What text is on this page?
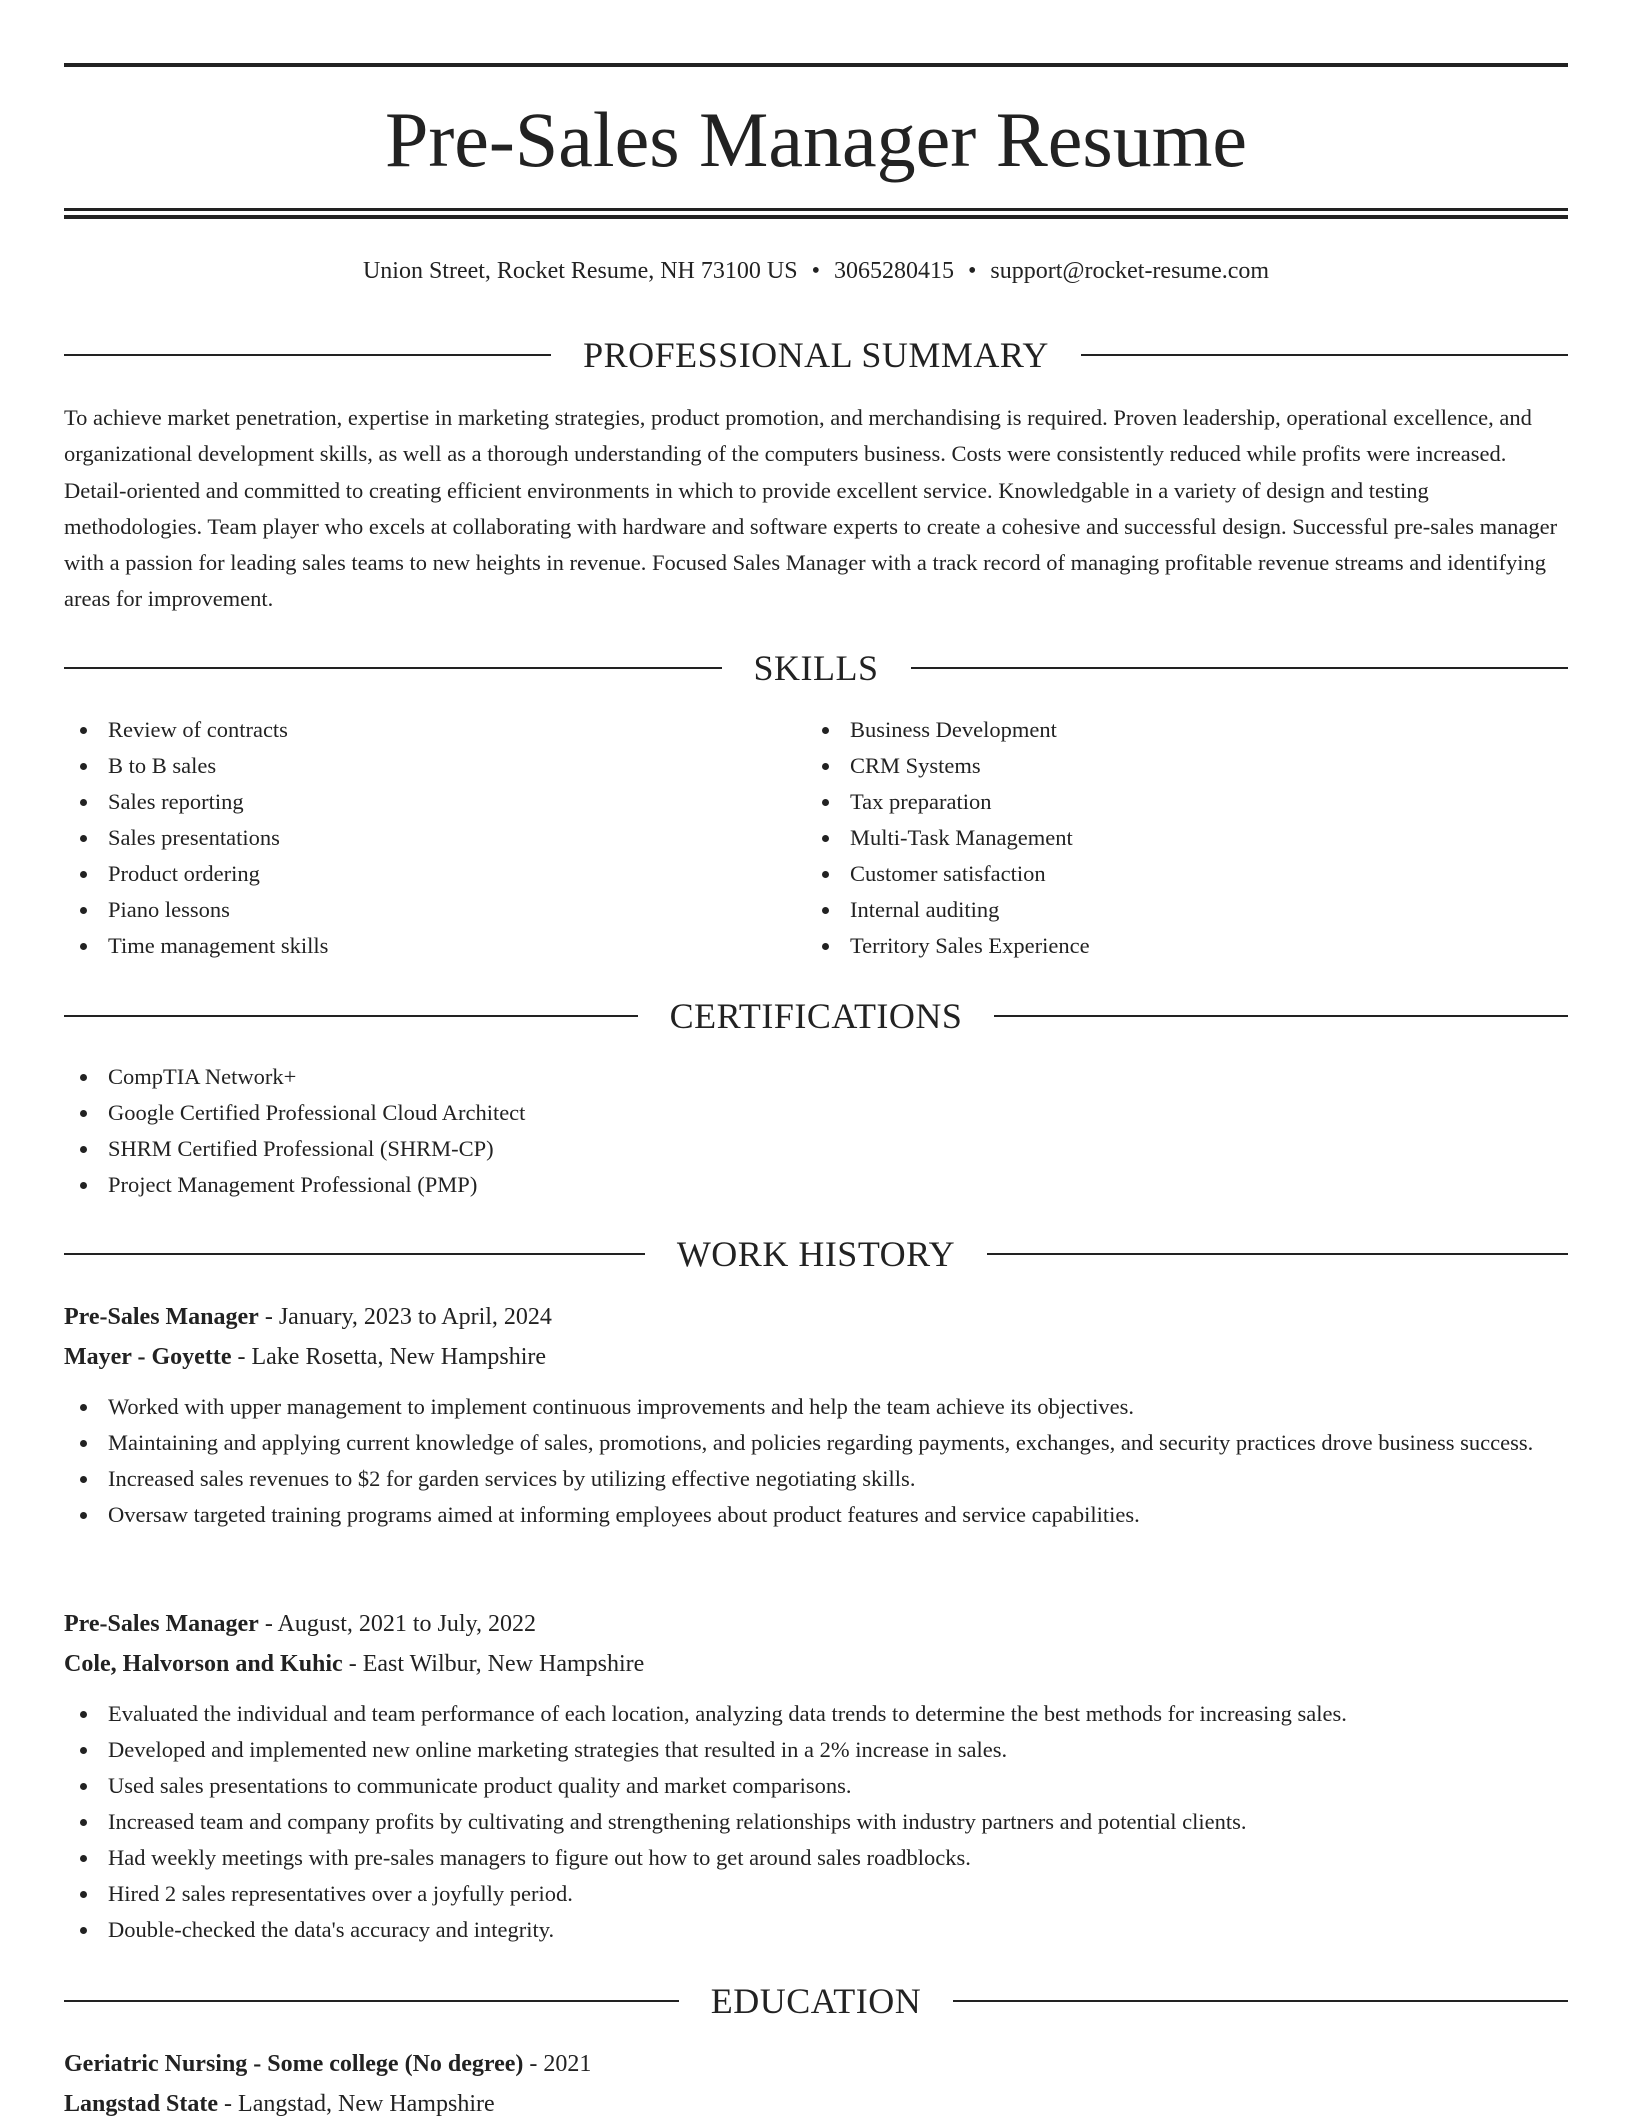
Pre-Sales Manager Resume
Union Street, Rocket Resume, NH 73100 US • 3065280415 • support@rocket-resume.com
PROFESSIONAL SUMMARY

To achieve market penetration, expertise in marketing strategies, product promotion, and merchandising is required. Proven leadership, operational excellence, and organizational development skills, as well as a thorough understanding of the computers business. Costs were consistently reduced while profits were increased. Detail-oriented and committed to creating efficient environments in which to provide excellent service. Knowledgable in a variety of design and testing methodologies. Team player who excels at collaborating with hardware and software experts to create a cohesive and successful design. Successful pre-sales manager with a passion for leading sales teams to new heights in revenue. Focused Sales Manager with a track record of managing profitable revenue streams and identifying areas for improvement.

SKILLS
Review of contracts
B to B sales
Sales reporting
Sales presentations
Product ordering
Piano lessons
Time management skills
Business Development
CRM Systems
Tax preparation
Multi-Task Management
Customer satisfaction
Internal auditing
Territory Sales Experience
CERTIFICATIONS
CompTIA Network+
Google Certified Professional Cloud Architect
SHRM Certified Professional (SHRM-CP)
Project Management Professional (PMP)
WORK HISTORY
Pre-Sales Manager - January, 2023 to April, 2024
Mayer - Goyette - Lake Rosetta, New Hampshire
Worked with upper management to implement continuous improvements and help the team achieve its objectives.
Maintaining and applying current knowledge of sales, promotions, and policies regarding payments, exchanges, and security practices drove business success.
Increased sales revenues to $2 for garden services by utilizing effective negotiating skills.
Oversaw targeted training programs aimed at informing employees about product features and service capabilities.
Pre-Sales Manager - August, 2021 to July, 2022
Cole, Halvorson and Kuhic - East Wilbur, New Hampshire
Evaluated the individual and team performance of each location, analyzing data trends to determine the best methods for increasing sales.
Developed and implemented new online marketing strategies that resulted in a 2% increase in sales.
Used sales presentations to communicate product quality and market comparisons.
Increased team and company profits by cultivating and strengthening relationships with industry partners and potential clients.
Had weekly meetings with pre-sales managers to figure out how to get around sales roadblocks.
Hired 2 sales representatives over a joyfully period.
Double-checked the data's accuracy and integrity.
EDUCATION
Geriatric Nursing - Some college (No degree) - 2021
Langstad State - Langstad, New Hampshire
